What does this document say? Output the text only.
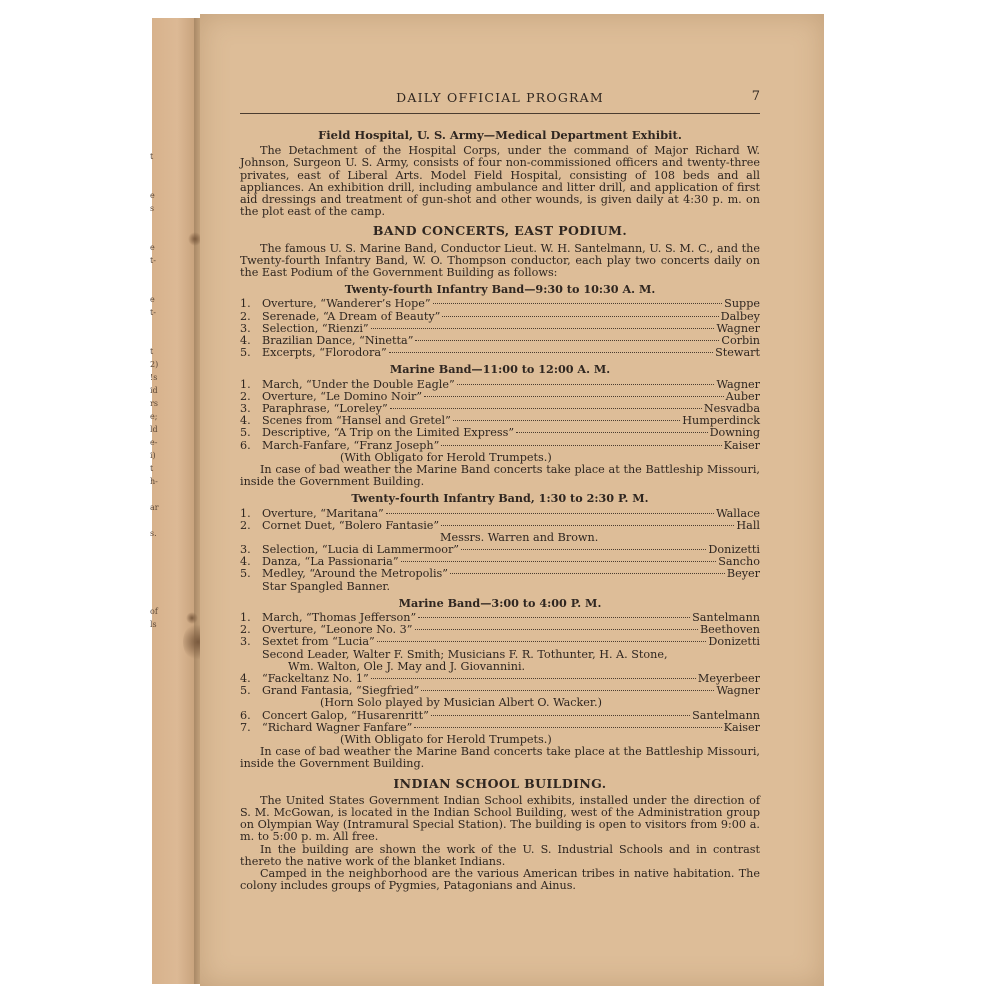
t
e
s
e
t-
e
t-
t
2)
!s
id
rs
e;
ld
e-
i)
t
h-
ar
s.
of
ls
DAILY OFFICIAL PROGRAM	7
Field Hospital, U. S. Army—Medical Department Exhibit.

The Detachment of the Hospital Corps, under the command of Major Richard W. Johnson, Surgeon U. S. Army, consists of four non-commissioned officers and twenty-three privates, east of Liberal Arts. Model Field Hospital, consisting of 108 beds and all appliances. An exhibition drill, including ambulance and litter drill, and application of first aid dressings and treatment of gun-shot and other wounds, is given daily at 4:30 p. m. on the plot east of the camp.

BAND CONCERTS, EAST PODIUM.

The famous U. S. Marine Band, Conductor Lieut. W. H. Santelmann, U. S. M. C., and the Twenty-fourth Infantry Band, W. O. Thompson conductor, each play two concerts daily on the East Podium of the Government Building as follows:

Twenty-fourth Infantry Band—9:30 to 10:30 A. M.
1.	Overture, “Wanderer’s Hope”	Suppe
2.	Serenade, “A Dream of Beauty”	Dalbey
3.	Selection, “Rienzi”	Wagner
4.	Brazilian Dance, “Ninetta”	Corbin
5.	Excerpts, “Florodora”	Stewart
Marine Band—11:00 to 12:00 A. M.
1.	March, “Under the Double Eagle”	Wagner
2.	Overture, “Le Domino Noir”	Auber
3.	Paraphrase, “Loreley”	Nesvadba
4.	Scenes from “Hansel and Gretel”	Humperdinck
5.	Descriptive, “A Trip on the Limited Express”	Downing
6.	March-Fanfare, “Franz Joseph”	Kaiser
(With Obligato for Herold Trumpets.)

In case of bad weather the Marine Band concerts take place at the Battleship Missouri, inside the Government Building.

Twenty-fourth Infantry Band, 1:30 to 2:30 P. M.
1.	Overture, “Maritana”	Wallace
2.	Cornet Duet, “Bolero Fantasie”	Hall
Messrs. Warren and Brown.
3.	Selection, “Lucia di Lammermoor”	Donizetti
4.	Danza, “La Passionaria”	Sancho
5.	Medley, “Around the Metropolis”	Beyer
Star Spangled Banner.
Marine Band—3:00 to 4:00 P. M.
1.	March, “Thomas Jefferson”	Santelmann
2.	Overture, “Leonore No. 3”	Beethoven
3.	Sextet from “Lucia”	Donizetti
Second Leader, Walter F. Smith; Musicians F. R. Tothunter, H. A. Stone,
Wm. Walton, Ole J. May and J. Giovannini.
4.	“Fackeltanz No. 1”	Meyerbeer
5.	Grand Fantasia, “Siegfried”	Wagner
(Horn Solo played by Musician Albert O. Wacker.)
6.	Concert Galop, “Husarenritt”	Santelmann
7.	“Richard Wagner Fanfare”	Kaiser
(With Obligato for Herold Trumpets.)

In case of bad weather the Marine Band concerts take place at the Battleship Missouri, inside the Government Building.

INDIAN SCHOOL BUILDING.

The United States Government Indian School exhibits, installed under the direction of S. M. McGowan, is located in the Indian School Building, west of the Administration group on Olympian Way (Intramural Special Station). The building is open to visitors from 9:00 a. m. to 5:00 p. m. All free.

In the building are shown the work of the U. S. Industrial Schools and in contrast thereto the native work of the blanket Indians.

Camped in the neighborhood are the various American tribes in native habitation. The colony includes groups of Pygmies, Patagonians and Ainus.
